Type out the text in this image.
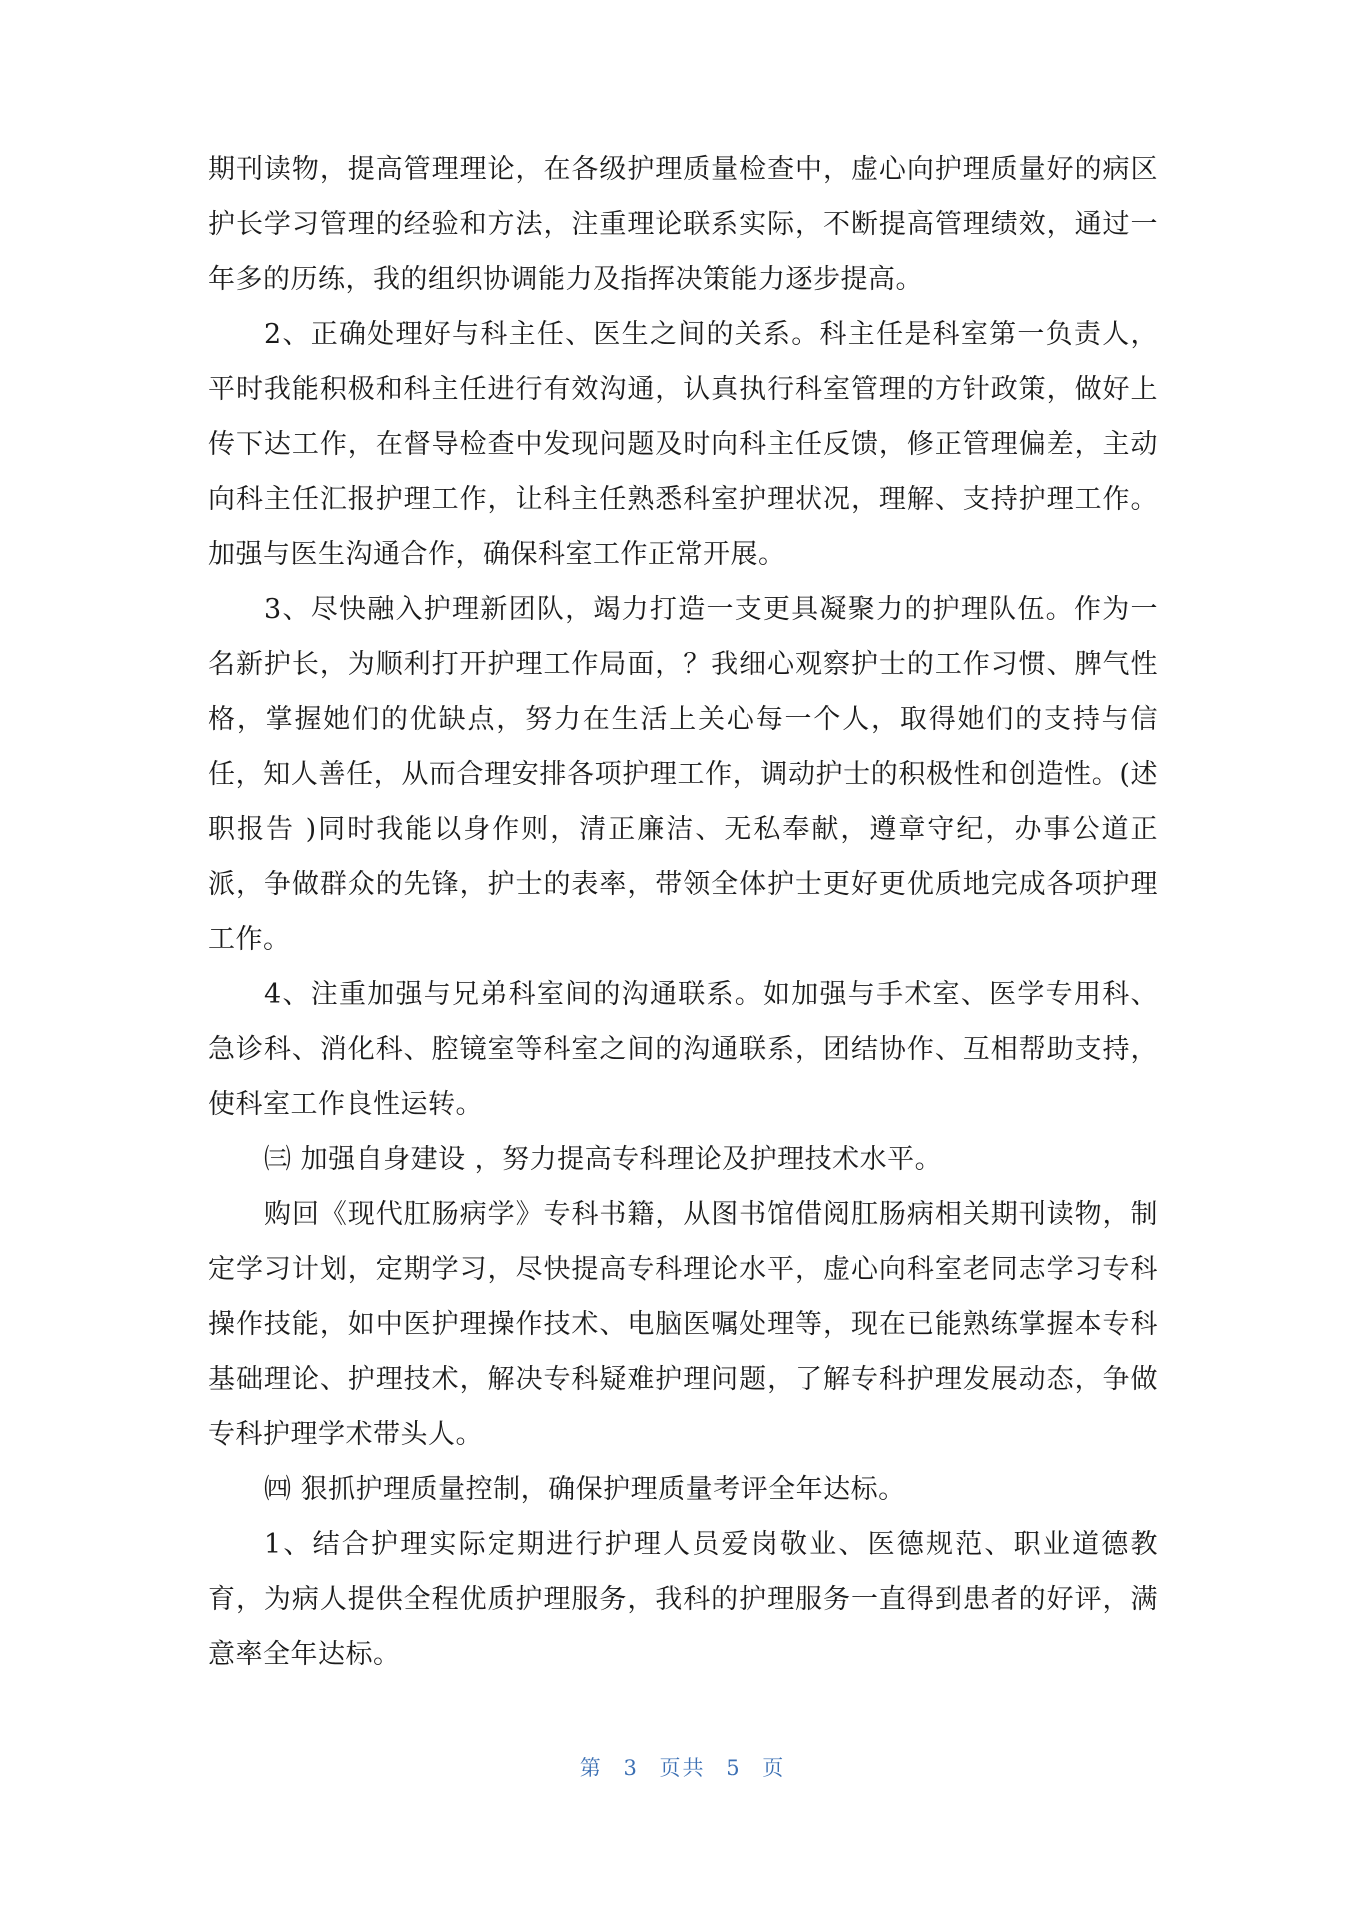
期刊读物，提高管理理论，在各级护理质量检查中，虚心向护理质量好的病区护长学习管理的经验和方法，注重理论联系实际，不断提高管理绩效，通过一年多的历练，我的组织协调能力及指挥决策能力逐步提高。

2、正确处理好与科主任、医生之间的关系。科主任是科室第一负责人，平时我能积极和科主任进行有效沟通，认真执行科室管理的方针政策，做好上传下达工作，在督导检查中发现问题及时向科主任反馈，修正管理偏差，主动向科主任汇报护理工作，让科主任熟悉科室护理状况，理解、支持护理工作。加强与医生沟通合作，确保科室工作正常开展。

3、尽快融入护理新团队，竭力打造一支更具凝聚力的护理队伍。作为一名新护长，为顺利打开护理工作局面，？我细心观察护士的工作习惯、脾气性格，掌握她们的优缺点，努力在生活上关心每一个人，取得她们的支持与信任，知人善任，从而合理安排各项护理工作，调动护士的积极性和创造性。(述职报告 )同时我能以身作则，清正廉洁、无私奉献，遵章守纪，办事公道正派，争做群众的先锋，护士的表率，带领全体护士更好更优质地完成各项护理工作。

4、注重加强与兄弟科室间的沟通联系。如加强与手术室、医学专用科、急诊科、消化科、腔镜室等科室之间的沟通联系，团结协作、互相帮助支持，使科室工作良性运转。

㈢ 加强自身建设 ，努力提高专科理论及护理技术水平。

购回《现代肛肠病学》专科书籍，从图书馆借阅肛肠病相关期刊读物，制定学习计划，定期学习，尽快提高专科理论水平，虚心向科室老同志学习专科操作技能，如中医护理操作技术、电脑医嘱处理等，现在已能熟练掌握本专科基础理论、护理技术，解决专科疑难护理问题，了解专科护理发展动态，争做专科护理学术带头人。

㈣ 狠抓护理质量控制，确保护理质量考评全年达标。

1、结合护理实际定期进行护理人员爱岗敬业、医德规范、职业道德教育，为病人提供全程优质护理服务，我科的护理服务一直得到患者的好评，满意率全年达标。

第 3 页共 5 页
